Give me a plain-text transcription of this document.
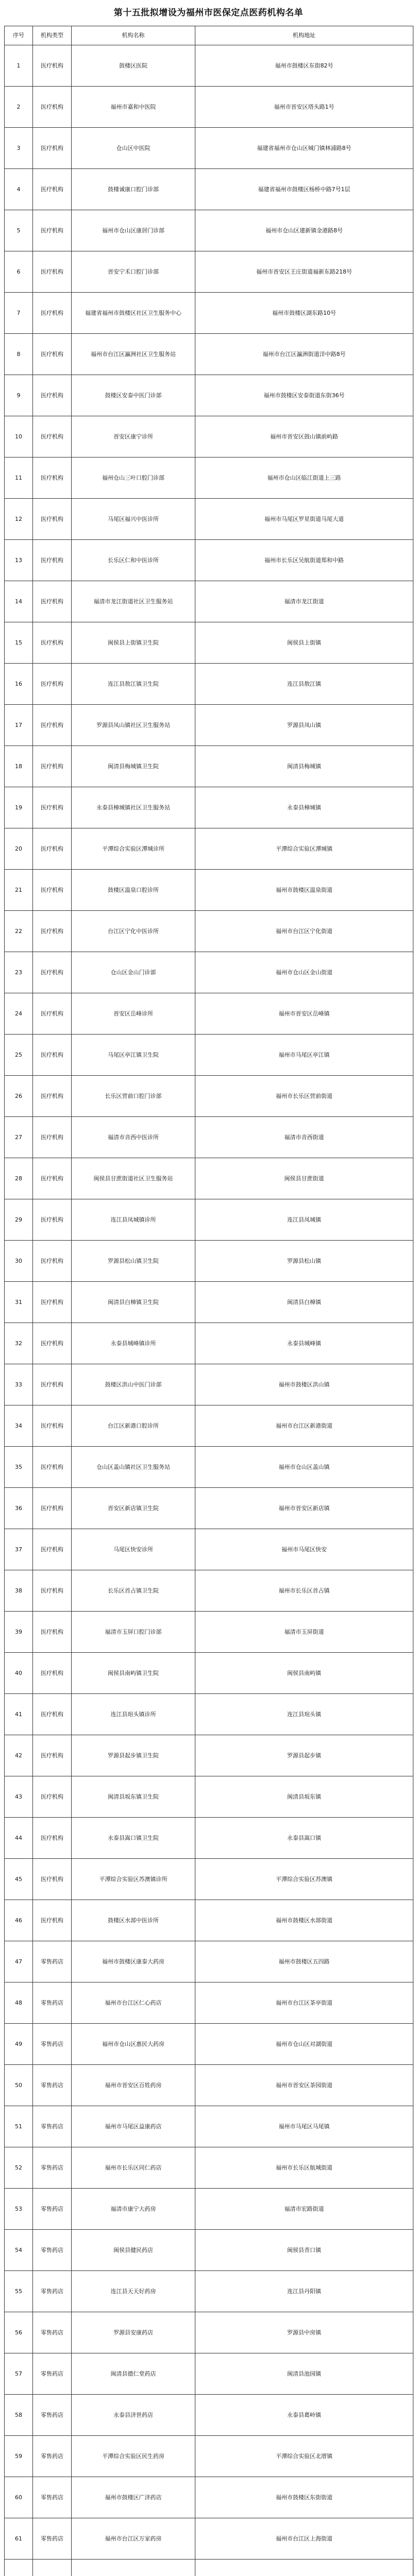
第十五批拟增设为福州市医保定点医药机构名单
序号	机构类型	机构名称	机构地址
1	医疗机构	鼓楼区医院	福州市鼓楼区东街82号
2	医疗机构	福州市嘉和中医院	福州市晋安区塔头路1号
3	医疗机构	仓山区中医院	福建省福州市仓山区城门镇林浦路8号
4	医疗机构	鼓楼诚康口腔门诊部	福建省福州市鼓楼区杨桥中路7号1层
5	医疗机构	福州市仓山区康居门诊部	福州市仓山区建新镇金港路8号
6	医疗机构	晋安宁禾口腔门诊部	福州市晋安区王庄街道福新东路218号
7	医疗机构	福建省福州市鼓楼区社区卫生服务中心	福州市鼓楼区湖东路10号
8	医疗机构	福州市台江区瀛洲社区卫生服务站	福州市台江区瀛洲街道洋中路8号
9	医疗机构	鼓楼区安泰中医门诊部	福州市鼓楼区安泰街道东街36号
10	医疗机构	晋安区康宁诊所	福州市晋安区鼓山镇前屿路
11	医疗机构	福州仓山三叶口腔门诊部	福州市仓山区临江街道上三路
12	医疗机构	马尾区福兴中医诊所	福州市马尾区罗星街道马尾大道
13	医疗机构	长乐区仁和中医诊所	福州市长乐区吴航街道郑和中路
14	医疗机构	福清市龙江街道社区卫生服务站	福清市龙江街道
15	医疗机构	闽侯县上街镇卫生院	闽侯县上街镇
16	医疗机构	连江县敖江镇卫生院	连江县敖江镇
17	医疗机构	罗源县凤山镇社区卫生服务站	罗源县凤山镇
18	医疗机构	闽清县梅城镇卫生院	闽清县梅城镇
19	医疗机构	永泰县樟城镇社区卫生服务站	永泰县樟城镇
20	医疗机构	平潭综合实验区潭城诊所	平潭综合实验区潭城镇
21	医疗机构	鼓楼区温泉口腔诊所	福州市鼓楼区温泉街道
22	医疗机构	台江区宁化中医诊所	福州市台江区宁化街道
23	医疗机构	仓山区金山门诊部	福州市仓山区金山街道
24	医疗机构	晋安区岳峰诊所	福州市晋安区岳峰镇
25	医疗机构	马尾区亭江镇卫生院	福州市马尾区亭江镇
26	医疗机构	长乐区营前口腔门诊部	福州市长乐区营前街道
27	医疗机构	福清市音西中医诊所	福清市音西街道
28	医疗机构	闽侯县甘蔗街道社区卫生服务站	闽侯县甘蔗街道
29	医疗机构	连江县凤城镇诊所	连江县凤城镇
30	医疗机构	罗源县松山镇卫生院	罗源县松山镇
31	医疗机构	闽清县白樟镇卫生院	闽清县白樟镇
32	医疗机构	永泰县城峰镇诊所	永泰县城峰镇
33	医疗机构	鼓楼区洪山中医门诊部	福州市鼓楼区洪山镇
34	医疗机构	台江区新港口腔诊所	福州市台江区新港街道
35	医疗机构	仓山区盖山镇社区卫生服务站	福州市仓山区盖山镇
36	医疗机构	晋安区新店镇卫生院	福州市晋安区新店镇
37	医疗机构	马尾区快安诊所	福州市马尾区快安
38	医疗机构	长乐区首占镇卫生院	福州市长乐区首占镇
39	医疗机构	福清市玉屏口腔门诊部	福清市玉屏街道
40	医疗机构	闽侯县南屿镇卫生院	闽侯县南屿镇
41	医疗机构	连江县琯头镇诊所	连江县琯头镇
42	医疗机构	罗源县起步镇卫生院	罗源县起步镇
43	医疗机构	闽清县坂东镇卫生院	闽清县坂东镇
44	医疗机构	永泰县嵩口镇卫生院	永泰县嵩口镇
45	医疗机构	平潭综合实验区苏澳镇诊所	平潭综合实验区苏澳镇
46	医疗机构	鼓楼区水部中医诊所	福州市鼓楼区水部街道
47	零售药店	福州市鼓楼区康泰大药房	福州市鼓楼区五四路
48	零售药店	福州市台江区仁心药店	福州市台江区茶亭街道
49	零售药店	福州市仓山区惠民大药房	福州市仓山区对湖街道
50	零售药店	福州市晋安区百姓药房	福州市晋安区茶园街道
51	零售药店	福州市马尾区益康药店	福州市马尾区马尾镇
52	零售药店	福州市长乐区同仁药店	福州市长乐区航城街道
53	零售药店	福清市康宁大药房	福清市宏路街道
54	零售药店	闽侯县健民药店	闽侯县青口镇
55	零售药店	连江县天天好药房	连江县丹阳镇
56	零售药店	罗源县安康药店	罗源县中房镇
57	零售药店	闽清县德仁堂药店	闽清县池园镇
58	零售药店	永泰县济世药店	永泰县葛岭镇
59	零售药店	平潭综合实验区民生药房	平潭综合实验区北厝镇
60	零售药店	福州市鼓楼区广济药店	福州市鼓楼区东街街道
61	零售药店	福州市台江区万家药房	福州市台江区上海街道
